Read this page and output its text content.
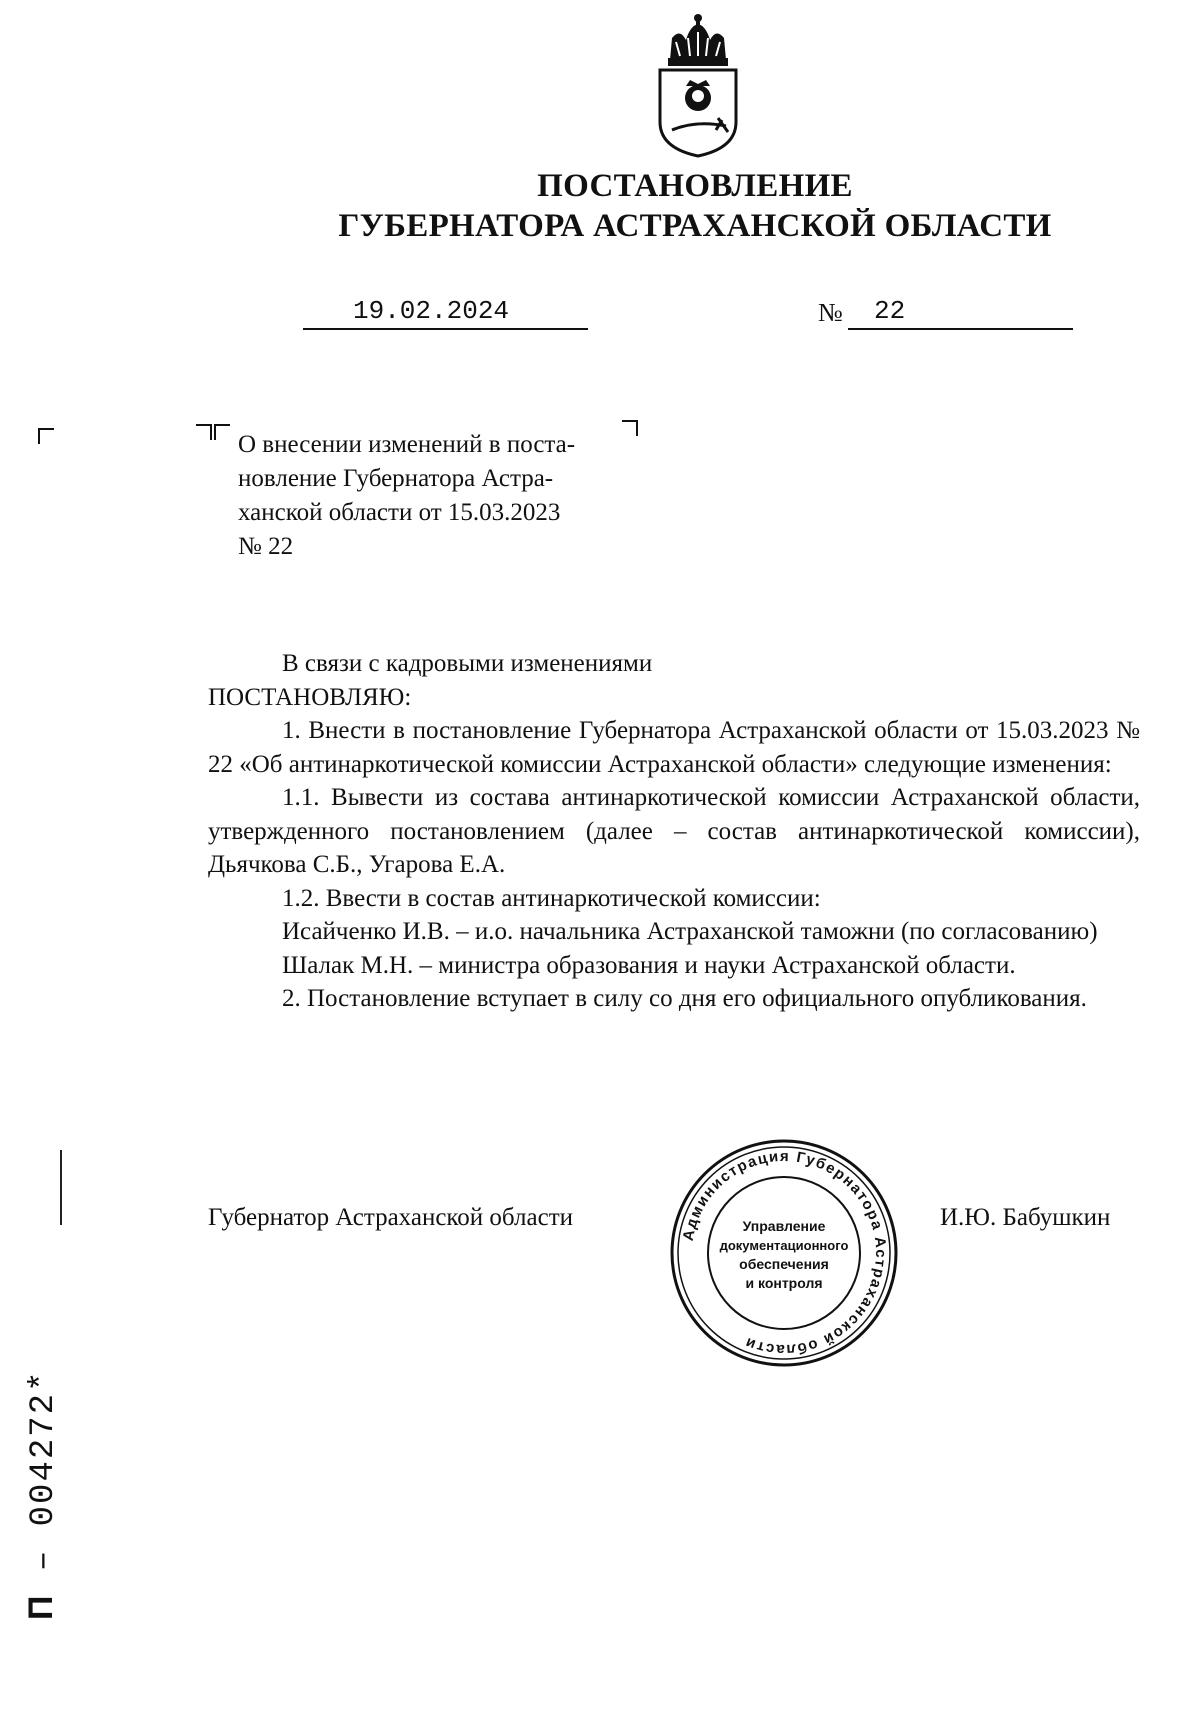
ПОСТАНОВЛЕНИЕ
ГУБЕРНАТОРА АСТРАХАНСКОЙ ОБЛАСТИ
19.02.2024	№ 22

О внесении изменений в поста-

новление Губернатора Астра-

ханской области от 15.03.2023

№ 22

В связи с кадровыми изменениями

ПОСТАНОВЛЯЮ:

1. Внести в постановление Губернатора Астраханской области от 15.03.2023 № 22 «Об антинаркотической комиссии Астраханской области» следующие изменения:

1.1. Вывести из состава антинаркотической комиссии Астраханской области, утвержденного постановлением (далее – состав антинаркотической комиссии), Дьячкова С.Б., Угарова Е.А.

1.2. Ввести в состав антинаркотической комиссии:

Исайченко И.В. – и.о. начальника Астраханской таможни (по согласованию)

Шалак М.Н. – министра образования и науки Астраханской области.

2. Постановление вступает в силу со дня его официального опубликования.

Губернатор Астраханской области	И.Ю. Бабушкин
Администрация Губернатора Астраханской области
Управление
документационного
обеспечения
и контроля
П – 004272*
